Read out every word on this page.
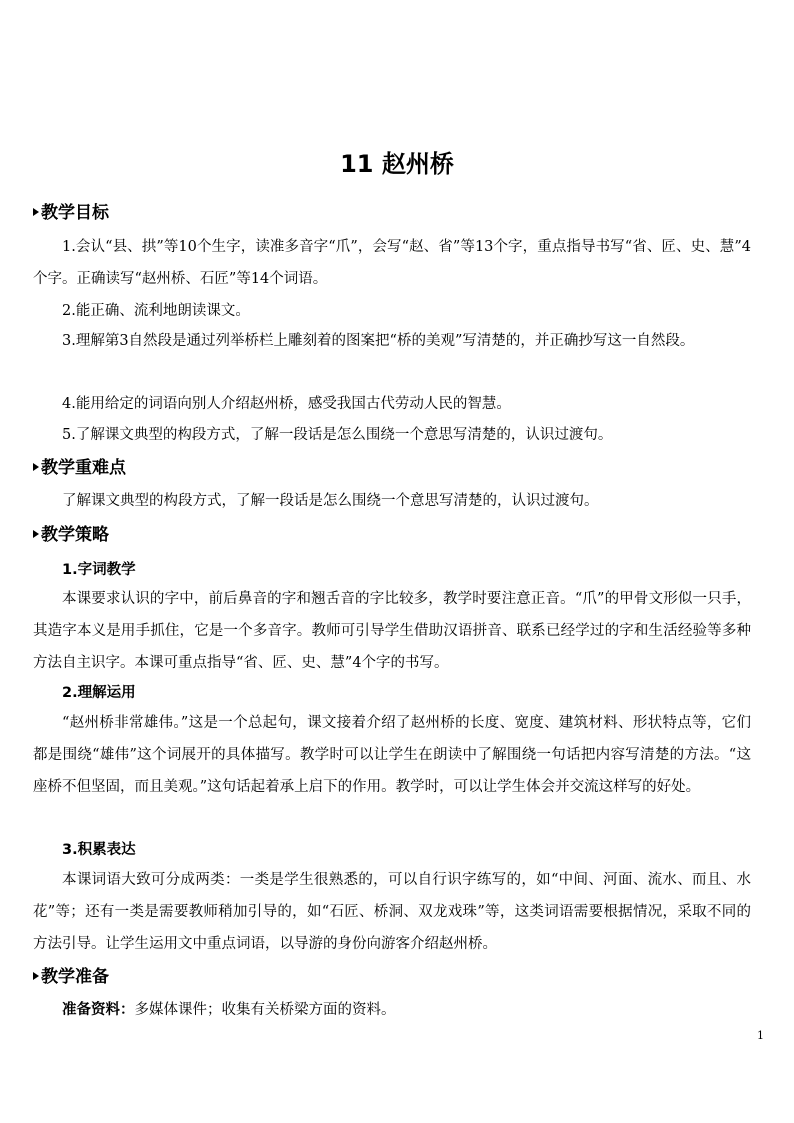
11 赵州桥
教学目标
1.会认“县、拱”等10个生字，读准多音字“爪”，会写“赵、省”等13个字，重点指导书写“省、匠、史、慧”4个字。正确读写“赵州桥、石匠”等14个词语。
2.能正确、流利地朗读课文。
3.理解第3自然段是通过列举桥栏上雕刻着的图案把“桥的美观”写清楚的，并正确抄写这一自然段。
4.能用给定的词语向别人介绍赵州桥，感受我国古代劳动人民的智慧。
5.了解课文典型的构段方式，了解一段话是怎么围绕一个意思写清楚的，认识过渡句。
教学重难点
了解课文典型的构段方式，了解一段话是怎么围绕一个意思写清楚的，认识过渡句。
教学策略
1.字词教学
本课要求认识的字中，前后鼻音的字和翘舌音的字比较多，教学时要注意正音。“爪”的甲骨文形似一只手，其造字本义是用手抓住，它是一个多音字。教师可引导学生借助汉语拼音、联系已经学过的字和生活经验等多种方法自主识字。本课可重点指导“省、匠、史、慧”4个字的书写。
2.理解运用
“赵州桥非常雄伟。”这是一个总起句，课文接着介绍了赵州桥的长度、宽度、建筑材料、形状特点等，它们都是围绕“雄伟”这个词展开的具体描写。教学时可以让学生在朗读中了解围绕一句话把内容写清楚的方法。“这座桥不但坚固，而且美观。”这句话起着承上启下的作用。教学时，可以让学生体会并交流这样写的好处。
3.积累表达
本课词语大致可分成两类：一类是学生很熟悉的，可以自行识字练写的，如“中间、河面、流水、而且、水花”等；还有一类是需要教师稍加引导的，如“石匠、桥洞、双龙戏珠”等，这类词语需要根据情况，采取不同的方法引导。让学生运用文中重点词语，以导游的身份向游客介绍赵州桥。
教学准备
准备资料：多媒体课件；收集有关桥梁方面的资料。
1
